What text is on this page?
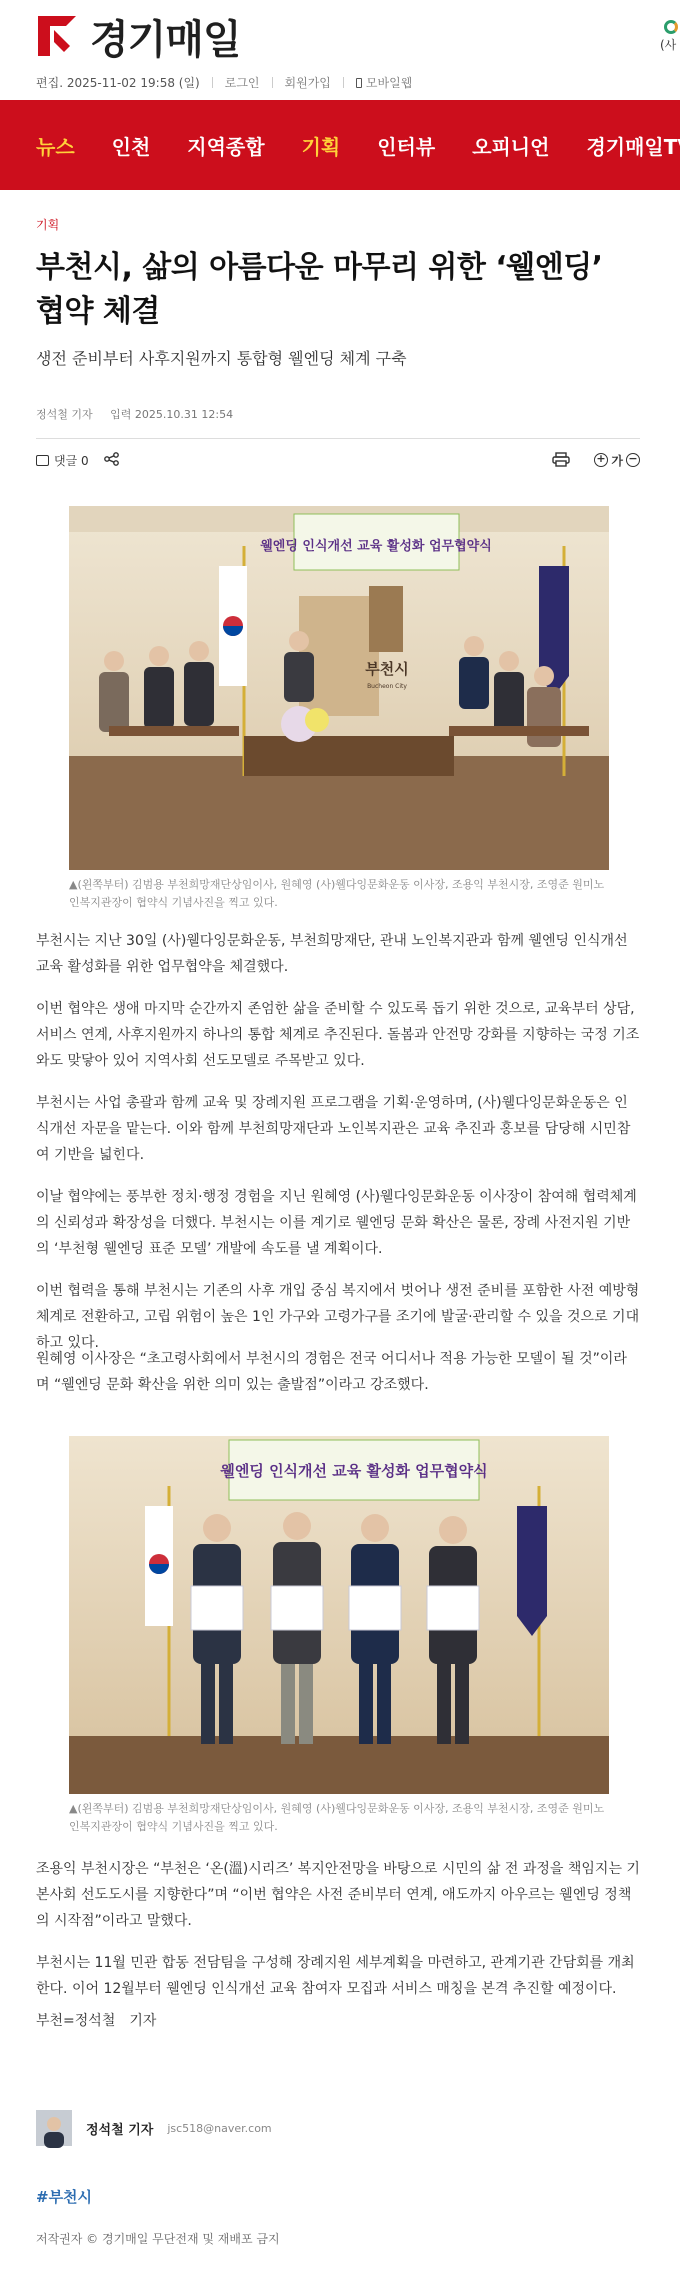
경기매일	(사
편집 . 2025-11-02 19:58 (일) 로그인 회원가입	모바일웹
뉴스 인천 지역종합 기획 인터뷰 오피니언 경기매일TV
기획
부천시, 삶의 아름다운 마무리 위한 ‘웰엔딩’ 협약 체결
생전 준비부터 사후지원까지 통합형 웰엔딩 체계 구축
정석철 기자 입력 2025.10.31 12:54
댓글
0	+ 가 −
웰엔딩 인식개선 교육 활성화 업무협약식
부천시
Bucheon City
▲(왼쪽부터) 김범용 부천희망재단상임이사, 원혜영 (사)웰다잉문화운동 이사장, 조용익 부천시장, 조영준 원미노인복지관장이 협약식 기념사진을 찍고 있다.

부천시는 지난 30일 (사)웰다잉문화운동, 부천희망재단, 관내 노인복지관과 함께 웰엔딩 인식개선 교육 활성화를 위한 업무협약을 체결했다.

이번 협약은 생애 마지막 순간까지 존엄한 삶을 준비할 수 있도록 돕기 위한 것으로, 교육부터 상담, 서비스 연계, 사후지원까지 하나의 통합 체계로 추진된다. 돌봄과 안전망 강화를 지향하는 국정 기조와도 맞닿아 있어 지역사회 선도모델로 주목받고 있다.

부천시는 사업 총괄과 함께 교육 및 장례지원 프로그램을 기획·운영하며, (사)웰다잉문화운동은 인식개선 자문을 맡는다. 이와 함께 부천희망재단과 노인복지관은 교육 추진과 홍보를 담당해 시민참여 기반을 넓힌다.

이날 협약에는 풍부한 정치·행정 경험을 지닌 원혜영 (사)웰다잉문화운동 이사장이 참여해 협력체계의 신뢰성과 확장성을 더했다. 부천시는 이를 계기로 웰엔딩 문화 확산은 물론, 장례 사전지원 기반의 ‘부천형 웰엔딩 표준 모델’ 개발에 속도를 낼 계획이다.

이번 협력을 통해 부천시는 기존의 사후 개입 중심 복지에서 벗어나 생전 준비를 포함한 사전 예방형 체계로 전환하고, 고립 위험이 높은 1인 가구와 고령가구를 조기에 발굴·관리할 수 있을 것으로 기대하고 있다.

원혜영 이사장은 “초고령사회에서 부천시의 경험은 전국 어디서나 적용 가능한 모델이 될 것”이라며 “웰엔딩 문화 확산을 위한 의미 있는 출발점”이라고 강조했다.

웰엔딩 인식개선 교육 활성화 업무협약식
▲(왼쪽부터) 김범용 부천희망재단상임이사, 원혜영 (사)웰다잉문화운동 이사장, 조용익 부천시장, 조영준 원미노인복지관장이 협약식 기념사진을 찍고 있다.

조용익 부천시장은 “부천은 ‘온(溫)시리즈’ 복지안전망을 바탕으로 시민의 삶 전 과정을 책임지는 기본사회 선도도시를 지향한다”며 “이번 협약은 사전 준비부터 연계, 애도까지 아우르는 웰엔딩 정책의 시작점”이라고 말했다.

부천시는 11월 민관 합동 전담팀을 구성해 장례지원 세부계획을 마련하고, 관계기관 간담회를 개최한다. 이어 12월부터 웰엔딩 인식개선 교육 참여자 모집과 서비스 매칭을 본격 추진할 예정이다.

부천=정석철　기자
정석철 기자 jsc518@naver.com
#부천시
저작권자 © 경기매일 무단전재 및 재배포 금지
